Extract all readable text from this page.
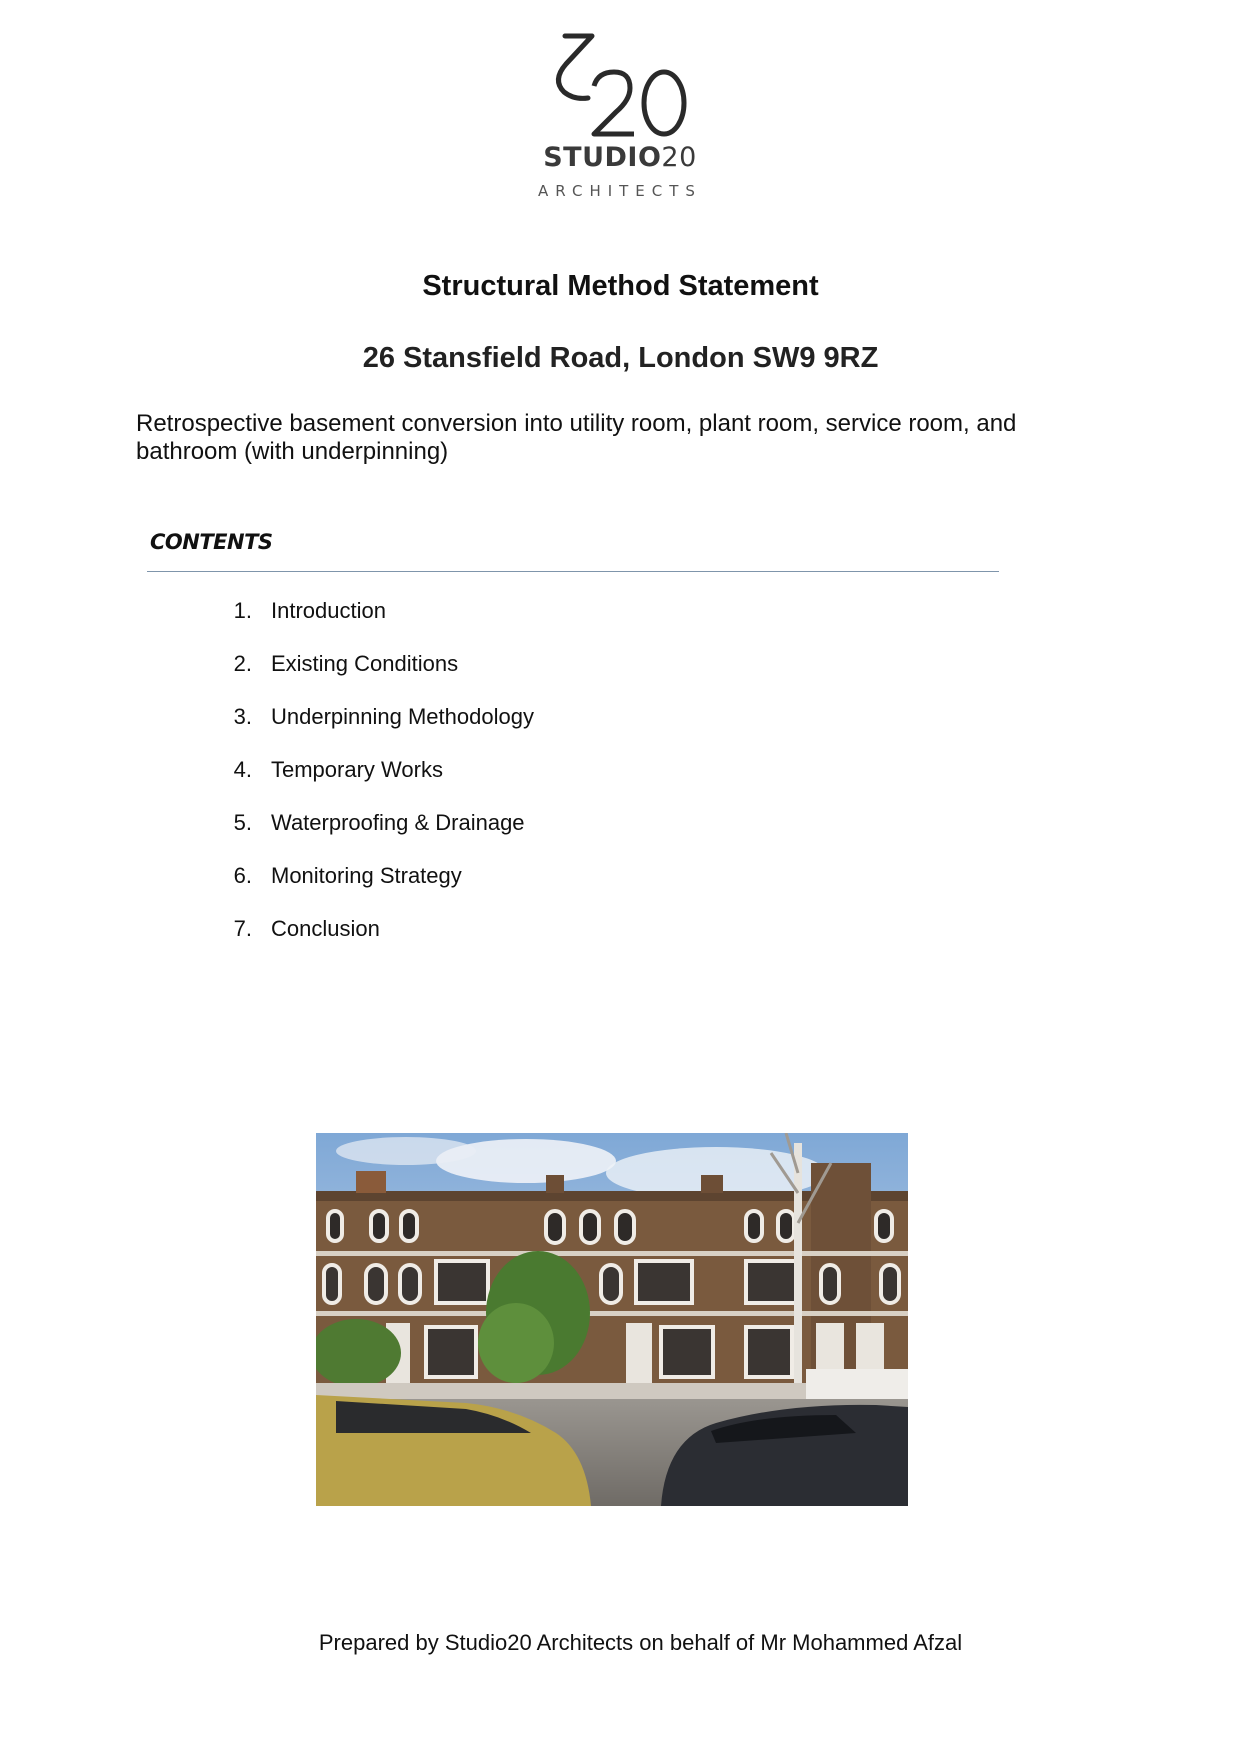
STUDIO20
ARCHITECTS
Structural Method Statement
26 Stansfield Road, London SW9 9RZ
Retrospective basement conversion into utility room, plant room, service room, and bathroom (with underpinning)
CONTENTS
1. Introduction
2. Existing Conditions
3. Underpinning Methodology
4. Temporary Works
5. Waterproofing & Drainage
6. Monitoring Strategy
7. Conclusion
Prepared by Studio20 Architects on behalf of Mr Mohammed Afzal
